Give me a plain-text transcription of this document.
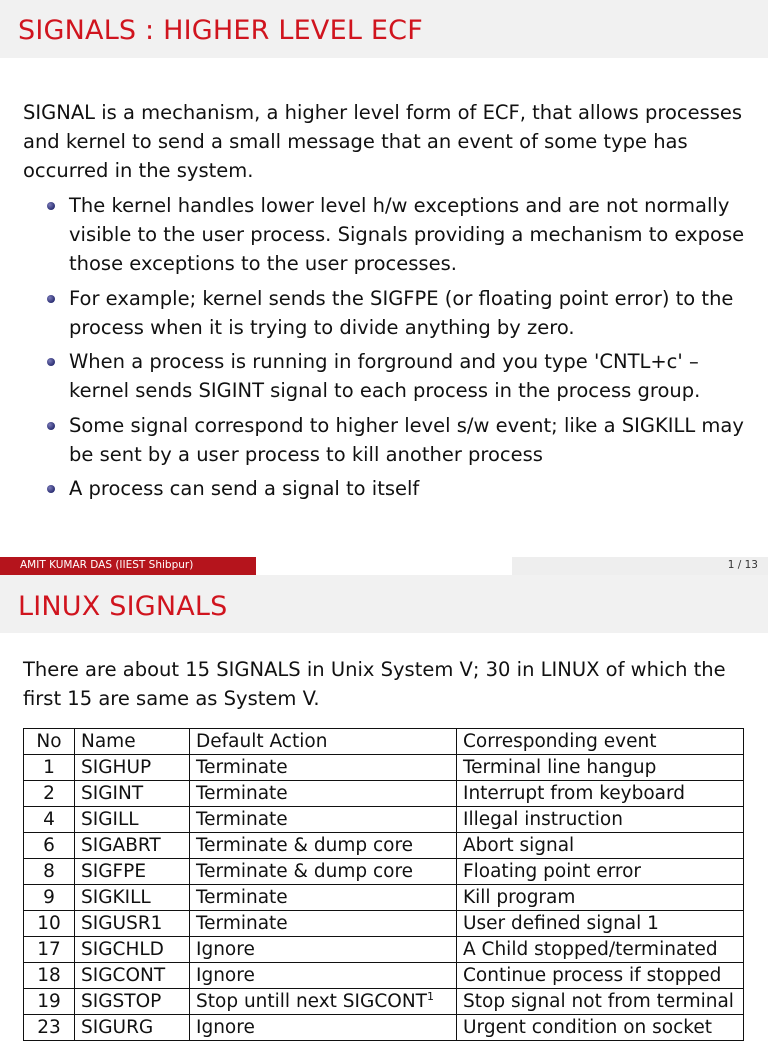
SIGNALS : HIGHER LEVEL ECF
SIGNAL is a mechanism, a higher level form of ECF, that allows processes and kernel to send a small message that an event of some type has occurred in the system.
The kernel handles lower level h/w exceptions and are not normally visible to the user process. Signals providing a mechanism to expose those exceptions to the user processes.
For example; kernel sends the SIGFPE (or floating point error) to the process when it is trying to divide anything by zero.
When a process is running in forground and you type 'CNTL+c' – kernel sends SIGINT signal to each process in the process group.
Some signal correspond to higher level s/w event; like a SIGKILL may be sent by a user process to kill another process
A process can send a signal to itself
AMIT KUMAR DAS (IIEST Shibpur)	1 / 13
LINUX SIGNALS
There are about 15 SIGNALS in Unix System V; 30 in LINUX of which the first 15 are same as System V.
No	Name	Default Action	Corresponding event
1	SIGHUP	Terminate	Terminal line hangup
2	SIGINT	Terminate	Interrupt from keyboard
4	SIGILL	Terminate	Illegal instruction
6	SIGABRT	Terminate & dump core	Abort signal
8	SIGFPE	Terminate & dump core	Floating point error
9	SIGKILL	Terminate	Kill program
10	SIGUSR1	Terminate	User defined signal 1
17	SIGCHLD	Ignore	A Child stopped/terminated
18	SIGCONT	Ignore	Continue process if stopped
19	SIGSTOP	Stop untill next SIGCONT$^1$	Stop signal not from terminal
23	SIGURG	Ignore	Urgent condition on socket
